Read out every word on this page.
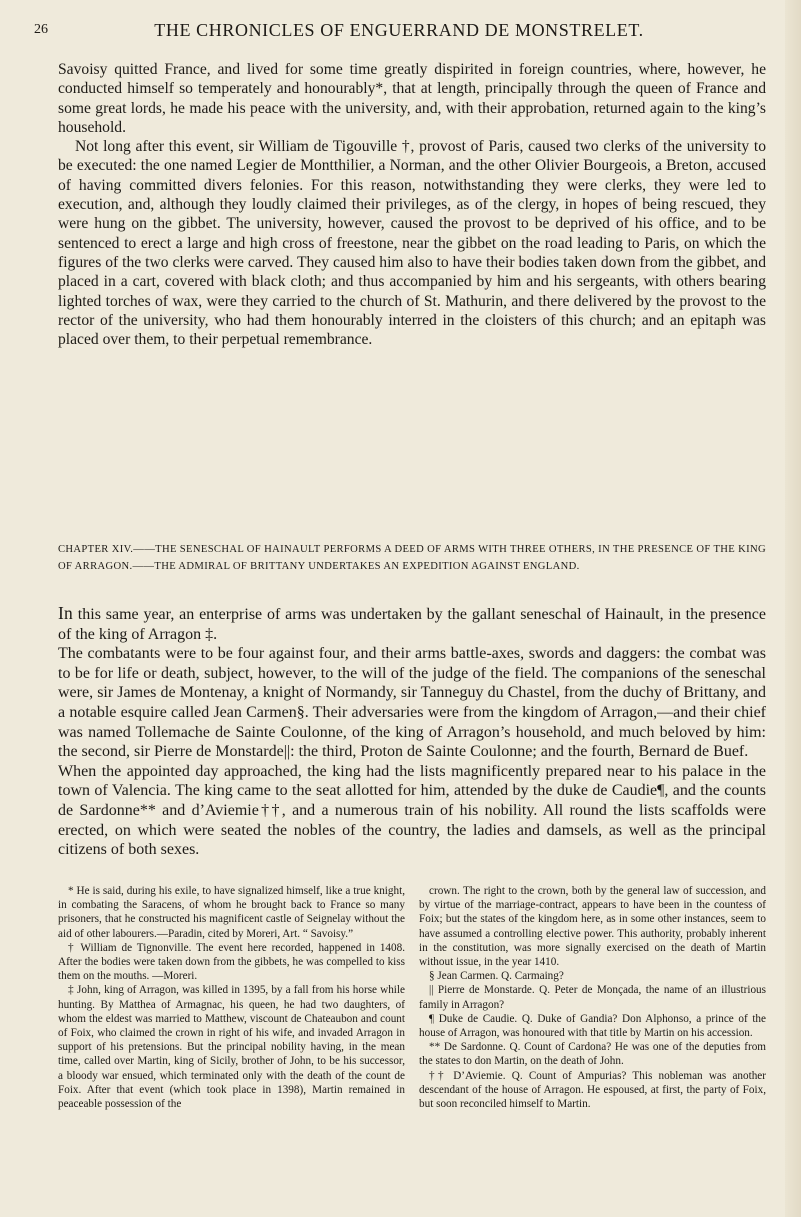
26	THE CHRONICLES OF ENGUERRAND DE MONSTRELET.

Savoisy quitted France, and lived for some time greatly dispirited in foreign countries, where, however, he conducted himself so temperately and honourably*, that at length, principally through the queen of France and some great lords, he made his peace with the university, and, with their approbation, returned again to the king’s household.

Not long after this event, sir William de Tigouville †, provost of Paris, caused two clerks of the university to be executed: the one named Legier de Montthilier, a Norman, and the other Olivier Bourgeois, a Breton, accused of having committed divers felonies. For this reason, notwithstanding they were clerks, they were led to execution, and, although they loudly claimed their privileges, as of the clergy, in hopes of being rescued, they were hung on the gibbet. The university, however, caused the provost to be deprived of his office, and to be sentenced to erect a large and high cross of freestone, near the gibbet on the road leading to Paris, on which the figures of the two clerks were carved. They caused him also to have their bodies taken down from the gibbet, and placed in a cart, covered with black cloth; and thus accompanied by him and his sergeants, with others bearing lighted torches of wax, were they carried to the church of St. Mathurin, and there delivered by the provost to the rector of the university, who had them honourably interred in the cloisters of this church; and an epitaph was placed over them, to their perpetual remembrance.

CHAPTER XIV.——THE SENESCHAL OF HAINAULT PERFORMS A DEED OF ARMS WITH THREE OTHERS, IN THE PRESENCE OF THE KING OF ARRAGON.——THE ADMIRAL OF BRITTANY UNDERTAKES AN EXPEDITION AGAINST ENGLAND.

In this same year, an enterprise of arms was undertaken by the gallant seneschal of Hainault, in the presence of the king of Arragon ‡.

The combatants were to be four against four, and their arms battle-axes, swords and daggers: the combat was to be for life or death, subject, however, to the will of the judge of the field. The companions of the seneschal were, sir James de Montenay, a knight of Normandy, sir Tanneguy du Chastel, from the duchy of Brittany, and a notable esquire called Jean Carmen§. Their adversaries were from the kingdom of Arragon,—and their chief was named Tollemache de Sainte Coulonne, of the king of Arragon’s household, and much beloved by him: the second, sir Pierre de Monstarde||: the third, Proton de Sainte Coulonne; and the fourth, Bernard de Buef.

When the appointed day approached, the king had the lists magnificently prepared near to his palace in the town of Valencia. The king came to the seat allotted for him, attended by the duke de Caudie¶, and the counts de Sardonne** and d’Aviemie††, and a numerous train of his nobility. All round the lists scaffolds were erected, on which were seated the nobles of the country, the ladies and damsels, as well as the principal citizens of both sexes.

* He is said, during his exile, to have signalized himself, like a true knight, in combating the Saracens, of whom he brought back to France so many prisoners, that he constructed his magnificent castle of Seignelay without the aid of other labourers.—Paradin, cited by Moreri, Art. “ Savoisy.”

† William de Tignonville. The event here recorded, happened in 1408. After the bodies were taken down from the gibbets, he was compelled to kiss them on the mouths. —Moreri.

‡ John, king of Arragon, was killed in 1395, by a fall from his horse while hunting. By Matthea of Armagnac, his queen, he had two daughters, of whom the eldest was married to Matthew, viscount de Chateaubon and count of Foix, who claimed the crown in right of his wife, and invaded Arragon in support of his pretensions. But the principal nobility having, in the mean time, called over Martin, king of Sicily, brother of John, to be his successor, a bloody war ensued, which terminated only with the death of the count de Foix. After that event (which took place in 1398), Martin remained in peaceable possession of the

crown. The right to the crown, both by the general law of succession, and by virtue of the marriage-contract, appears to have been in the countess of Foix; but the states of the kingdom here, as in some other instances, seem to have assumed a controlling elective power. This authority, probably inherent in the constitution, was more signally exercised on the death of Martin without issue, in the year 1410.

§ Jean Carmen. Q. Carmaing?

|| Pierre de Monstarde. Q. Peter de Monçada, the name of an illustrious family in Arragon?

¶ Duke de Caudie. Q. Duke of Gandia? Don Alphonso, a prince of the house of Arragon, was honoured with that title by Martin on his accession.

** De Sardonne. Q. Count of Cardona? He was one of the deputies from the states to don Martin, on the death of John.

†† D’Aviemie. Q. Count of Ampurias? This nobleman was another descendant of the house of Arragon. He espoused, at first, the party of Foix, but soon reconciled himself to Martin.
